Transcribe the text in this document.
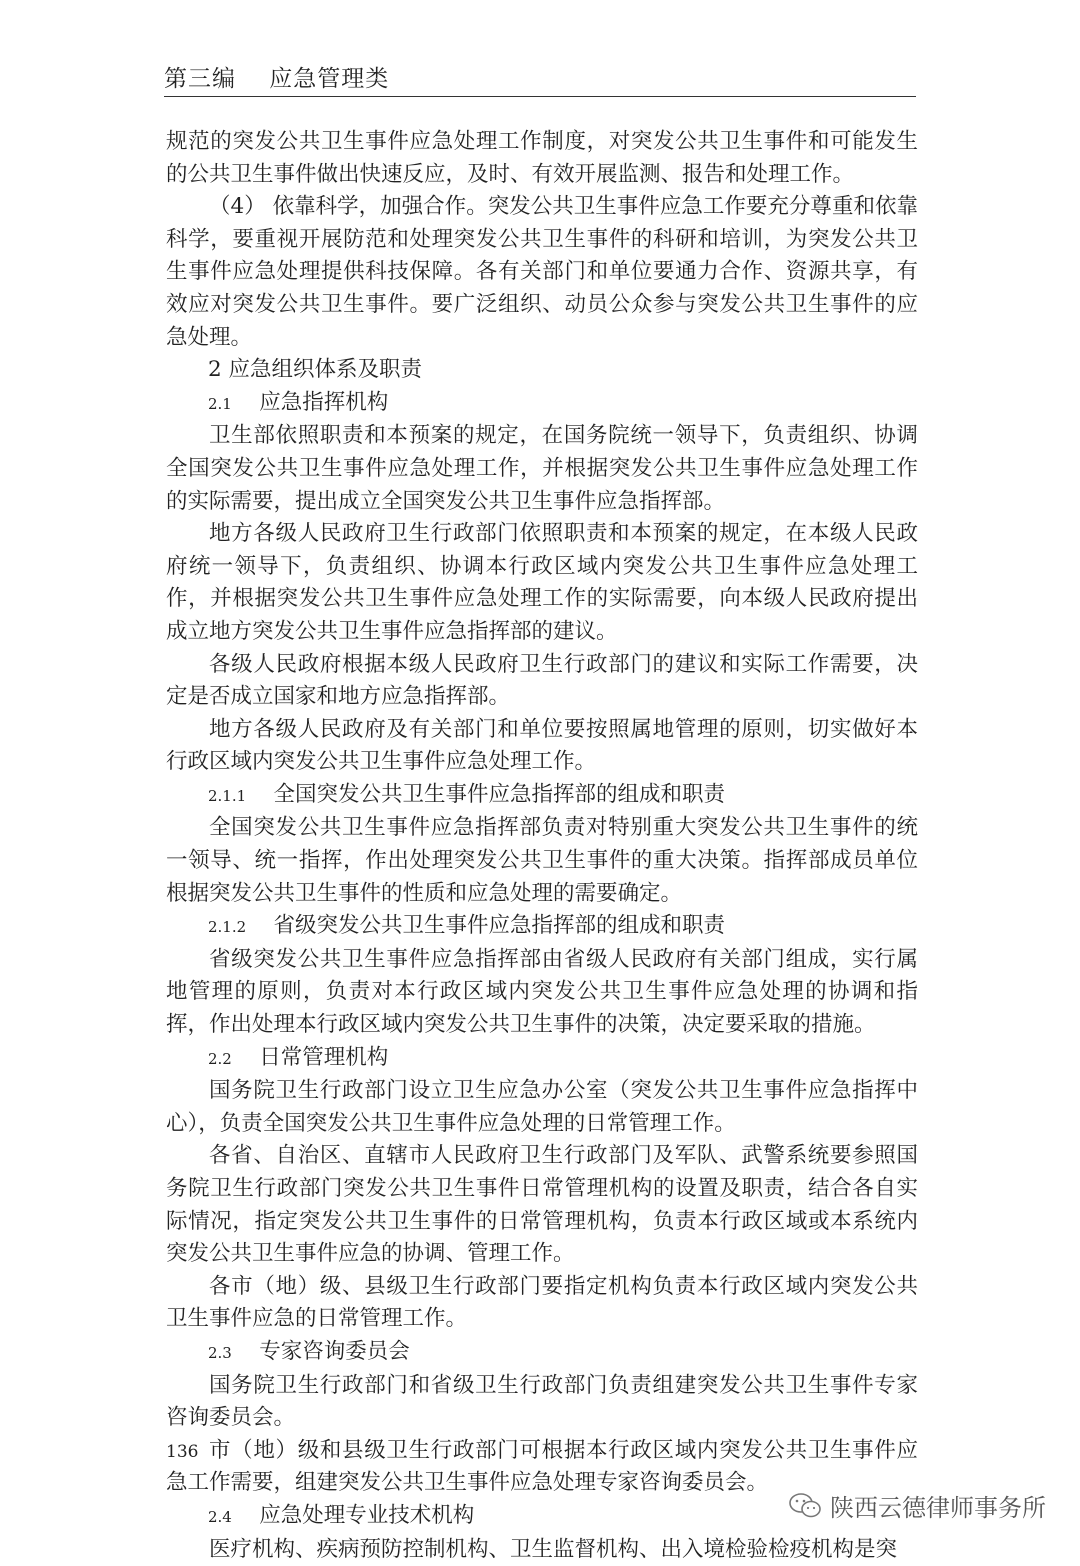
第三编    应急管理类

规范的突发公共卫生事件应急处理工作制度，对突发公共卫生事件和可能发生的公共卫生事件做出快速反应，及时、有效开展监测、报告和处理工作。

（4） 依靠科学，加强合作。突发公共卫生事件应急工作要充分尊重和依靠科学，要重视开展防范和处理突发公共卫生事件的科研和培训，为突发公共卫生事件应急处理提供科技保障。各有关部门和单位要通力合作、资源共享，有效应对突发公共卫生事件。要广泛组织、动员公众参与突发公共卫生事件的应急处理。

2 应急组织体系及职责

2.1 应急指挥机构

卫生部依照职责和本预案的规定，在国务院统一领导下，负责组织、协调全国突发公共卫生事件应急处理工作，并根据突发公共卫生事件应急处理工作的实际需要，提出成立全国突发公共卫生事件应急指挥部。

地方各级人民政府卫生行政部门依照职责和本预案的规定，在本级人民政府统一领导下，负责组织、协调本行政区域内突发公共卫生事件应急处理工作，并根据突发公共卫生事件应急处理工作的实际需要，向本级人民政府提出成立地方突发公共卫生事件应急指挥部的建议。

各级人民政府根据本级人民政府卫生行政部门的建议和实际工作需要，决定是否成立国家和地方应急指挥部。

地方各级人民政府及有关部门和单位要按照属地管理的原则，切实做好本行政区域内突发公共卫生事件应急处理工作。

2.1.1 全国突发公共卫生事件应急指挥部的组成和职责

全国突发公共卫生事件应急指挥部负责对特别重大突发公共卫生事件的统一领导、统一指挥，作出处理突发公共卫生事件的重大决策。指挥部成员单位根据突发公共卫生事件的性质和应急处理的需要确定。

2.1.2 省级突发公共卫生事件应急指挥部的组成和职责

省级突发公共卫生事件应急指挥部由省级人民政府有关部门组成，实行属地管理的原则，负责对本行政区域内突发公共卫生事件应急处理的协调和指挥，作出处理本行政区域内突发公共卫生事件的决策，决定要采取的措施。

2.2 日常管理机构

国务院卫生行政部门设立卫生应急办公室（突发公共卫生事件应急指挥中心），负责全国突发公共卫生事件应急处理的日常管理工作。

各省、自治区、直辖市人民政府卫生行政部门及军队、武警系统要参照国务院卫生行政部门突发公共卫生事件日常管理机构的设置及职责，结合各自实际情况，指定突发公共卫生事件的日常管理机构，负责本行政区域或本系统内突发公共卫生事件应急的协调、管理工作。

各市（地）级、县级卫生行政部门要指定机构负责本行政区域内突发公共卫生事件应急的日常管理工作。

2.3 专家咨询委员会

国务院卫生行政部门和省级卫生行政部门负责组建突发公共卫生事件专家咨询委员会。

市（地）级和县级卫生行政部门可根据本行政区域内突发公共卫生事件应急工作需要，组建突发公共卫生事件应急处理专家咨询委员会。

2.4 应急处理专业技术机构

医疗机构、疾病预防控制机构、卫生监督机构、出入境检验检疫机构是突

136
陕西云德律师事务所
